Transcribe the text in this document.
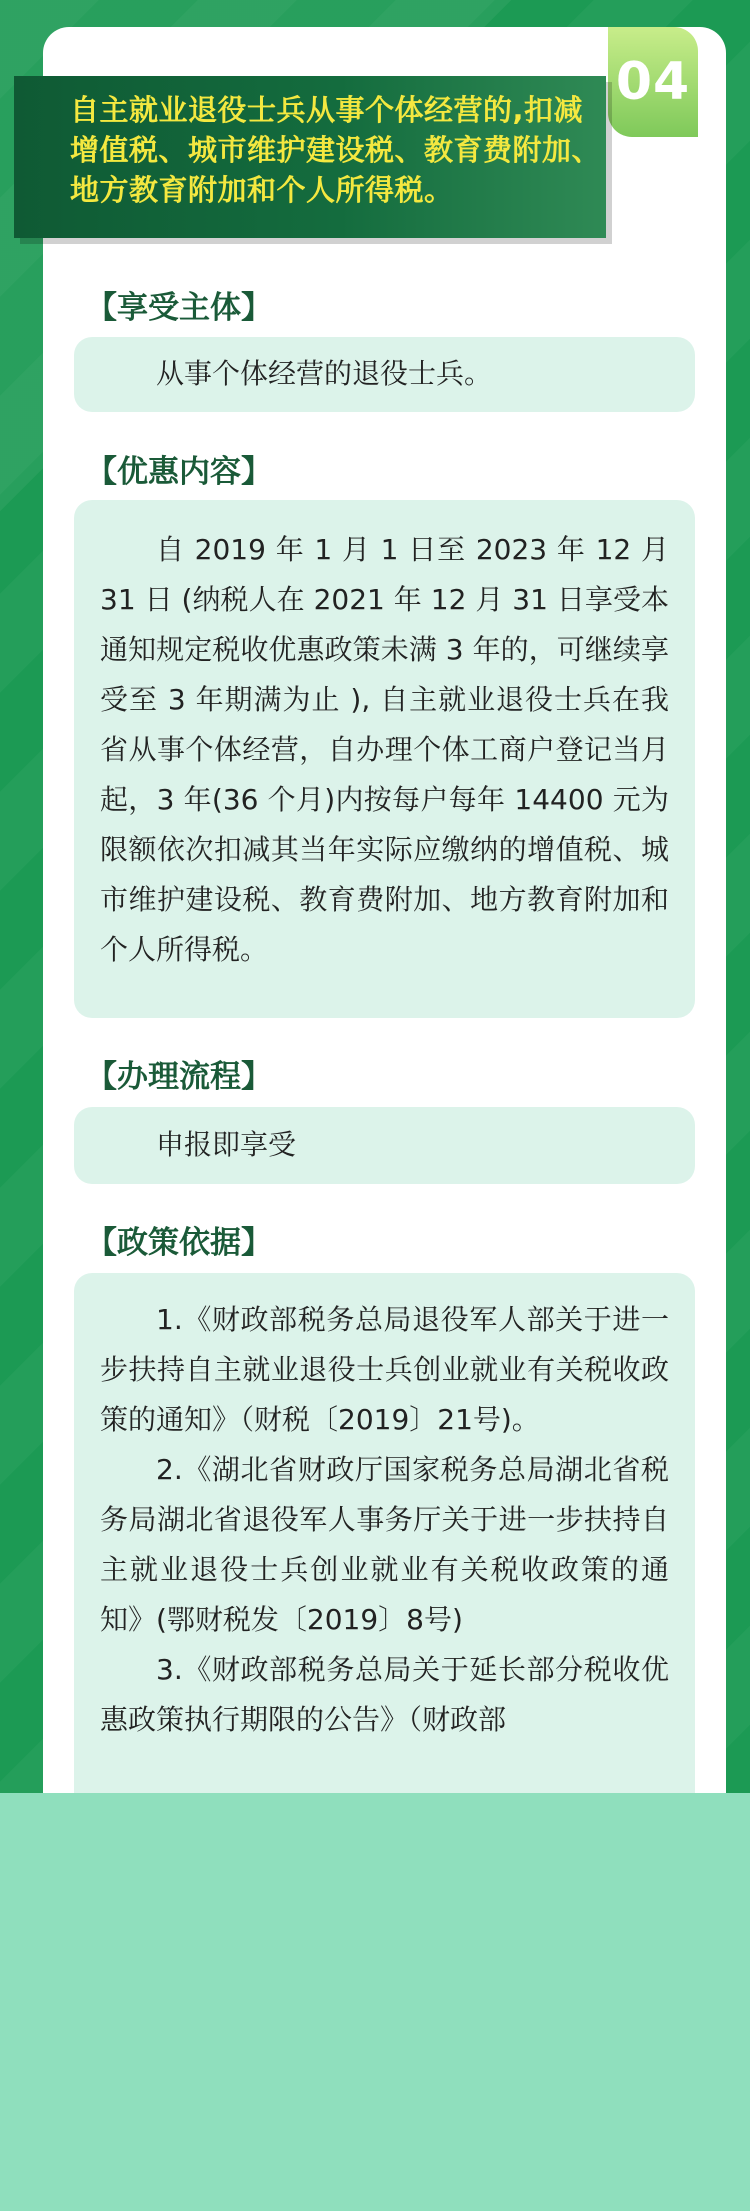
04
自主就业退役士兵从事个体经营的,扣减增值税、城市维护建设税、教育费附加、地方教育附加和个人所得税。
【享受主体】

从事个体经营的退役士兵。

【优惠内容】

自 2019 年 1 月 1 日至 2023 年 12 月 31 日 (纳税人在 2021 年 12 月 31 日享受本通知规定税收优惠政策未满 3 年的，可继续享受至 3 年期满为止 ), 自主就业退役士兵在我省从事个体经营，自办理个体工商户登记当月起，3 年(36 个月)内按每户每年 14400 元为限额依次扣减其当年实际应缴纳的增值税、城市维护建设税、教育费附加、地方教育附加和个人所得税。

【办理流程】

申报即享受

【政策依据】

1.《财政部税务总局退役军人部关于进一步扶持自主就业退役士兵创业就业有关税收政策的通知》（财税〔2019〕21号)。

2.《湖北省财政厅国家税务总局湖北省税务局湖北省退役军人事务厅关于进一步扶持自主就业退役士兵创业就业有关税收政策的通知》(鄂财税发〔2019〕8号)

3.《财政部税务总局关于延长部分税收优惠政策执行期限的公告》（财政部
